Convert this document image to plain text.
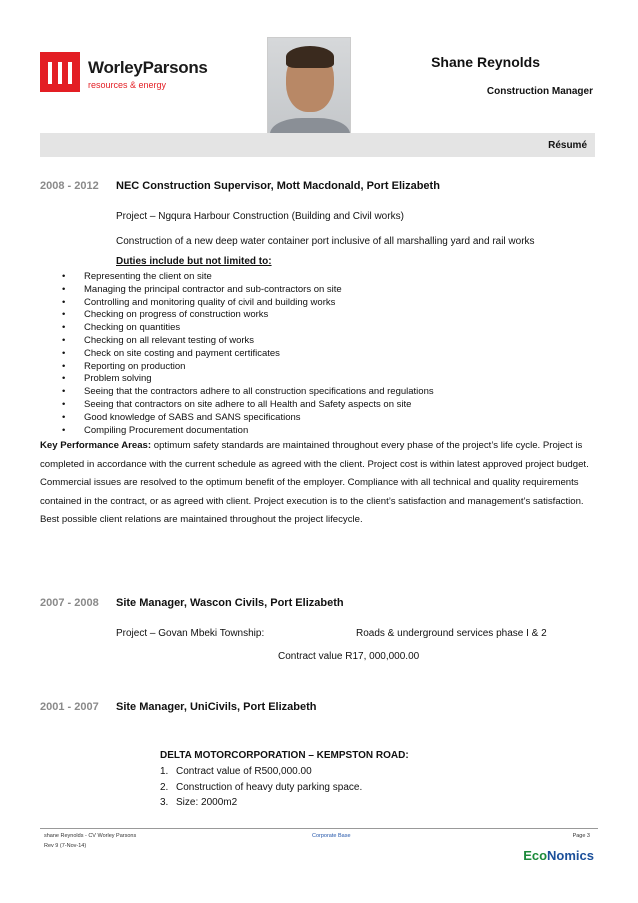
WorleyParsons
resources & energy
Shane Reynolds
Construction Manager
Résumé
2008 - 2012 NEC Construction Supervisor, Mott Macdonald, Port Elizabeth
Project – Ngqura Harbour Construction (Building and Civil works)
Construction of a new deep water container port inclusive of all marshalling yard and rail works
Duties include but not limited to:
• Representing the client on site
• Managing the principal contractor and sub-contractors on site
• Controlling and monitoring quality of civil and building works
• Checking on progress of construction works
• Checking on quantities
• Checking on all relevant testing of works
• Check on site costing and payment certificates
• Reporting on production
• Problem solving
• Seeing that the contractors adhere to all construction specifications and regulations
• Seeing that contractors on site adhere to all Health and Safety aspects on site
• Good knowledge of SABS and SANS specifications
• Compiling Procurement documentation

Key Performance Areas: optimum safety standards are maintained throughout every phase of the project’s life cycle. Project is completed in accordance with the current schedule as agreed with the client. Project cost is within latest approved project budget. Commercial issues are resolved to the optimum benefit of the employer. Compliance with all technical and quality requirements contained in the contract, or as agreed with client. Project execution is to the client’s satisfaction and management’s satisfaction. Best possible client relations are maintained throughout the project lifecycle.

2007 - 2008 Site Manager, Wascon Civils, Port Elizabeth
Project – Govan Mbeki Township:	Roads & underground services phase I & 2
Contract value R17, 000,000.00
2001 - 2007 Site Manager, UniCivils, Port Elizabeth
DELTA MOTORCORPORATION – KEMPSTON ROAD:
1. Contract value of R500,000.00
2. Construction of heavy duty parking space.
3. Size: 2000m2
shane Reynolds - CV Worley Parsons	Corporate Base	Page 3
Rev 9 (7-Nov-14)
EcoNomics
